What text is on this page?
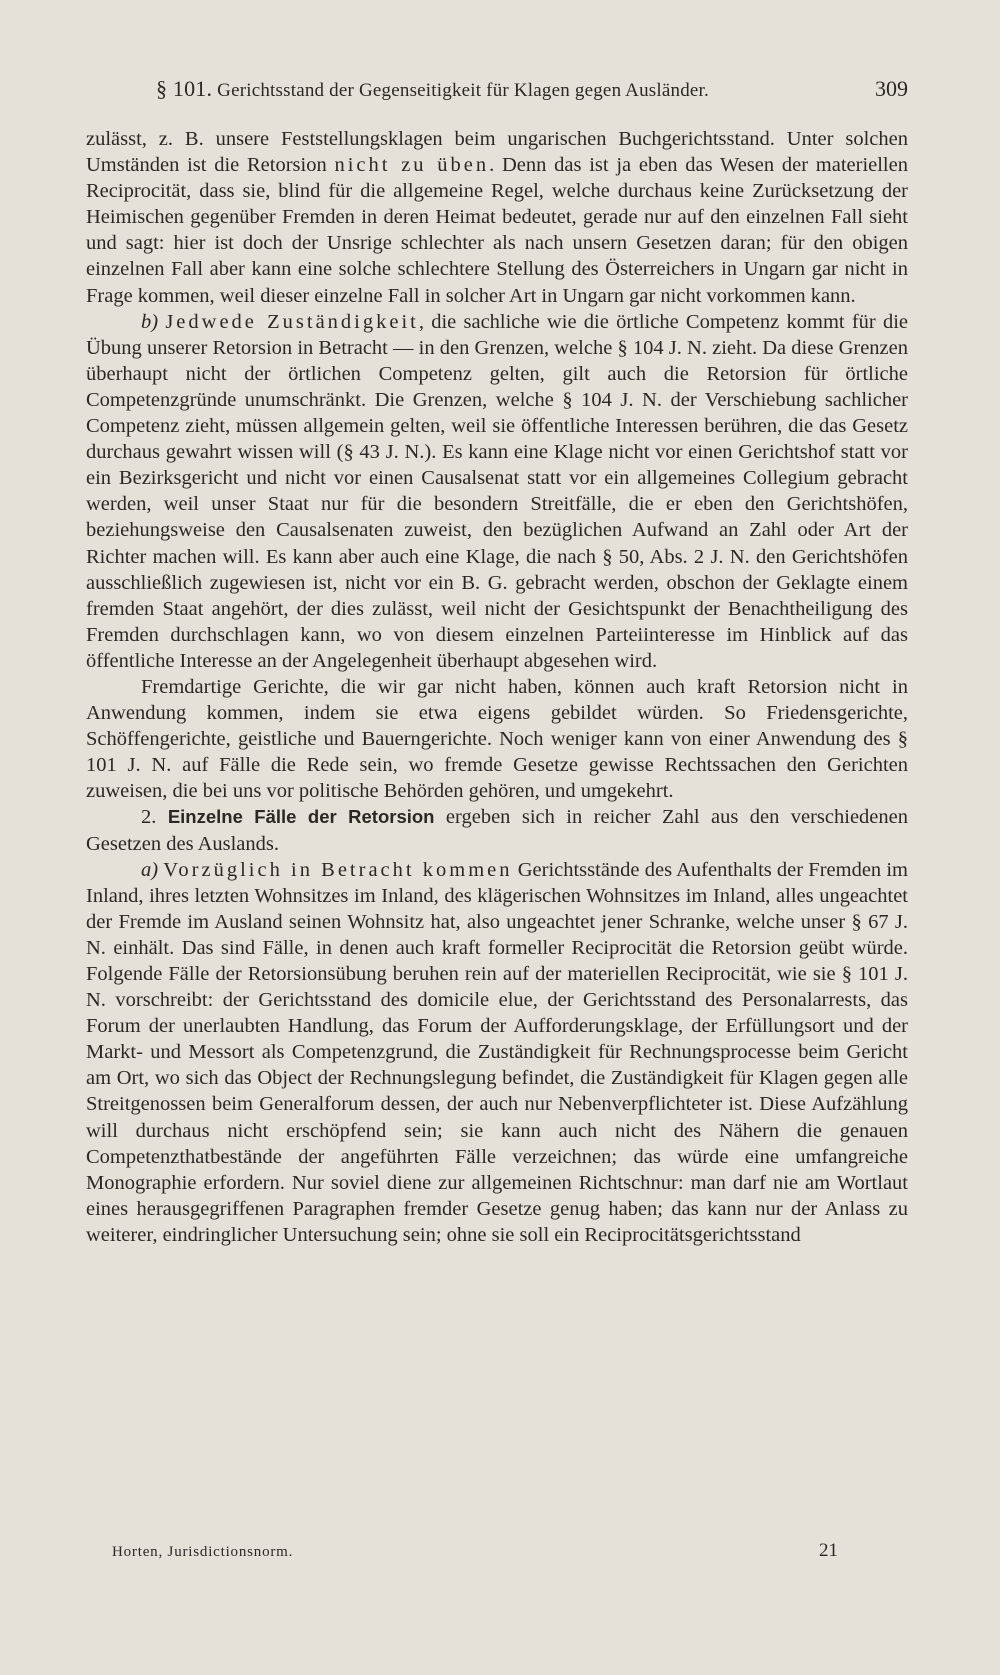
§ 101. Gerichtsstand der Gegenseitigkeit für Klagen gegen Ausländer.	309

zulässt, z. B. unsere Feststellungsklagen beim ungarischen Buchgerichtsstand. Unter solchen Umständen ist die Retorsion nicht zu üben. Denn das ist ja eben das Wesen der materiellen Reciprocität, dass sie, blind für die allgemeine Regel, welche durchaus keine Zurücksetzung der Heimischen gegenüber Fremden in deren Heimat bedeutet, gerade nur auf den einzelnen Fall sieht und sagt: hier ist doch der Unsrige schlechter als nach unsern Gesetzen daran; für den obigen einzelnen Fall aber kann eine solche schlechtere Stellung des Österreichers in Ungarn gar nicht in Frage kommen, weil dieser einzelne Fall in solcher Art in Ungarn gar nicht vorkommen kann.

b) Jedwede Zuständigkeit, die sachliche wie die örtliche Competenz kommt für die Übung unserer Retorsion in Betracht — in den Grenzen, welche § 104 J. N. zieht. Da diese Grenzen überhaupt nicht der örtlichen Competenz gelten, gilt auch die Retorsion für örtliche Competenzgründe unumschränkt. Die Grenzen, welche § 104 J. N. der Verschiebung sachlicher Competenz zieht, müssen allgemein gelten, weil sie öffentliche Interessen berühren, die das Gesetz durchaus gewahrt wissen will (§ 43 J. N.). Es kann eine Klage nicht vor einen Gerichtshof statt vor ein Bezirksgericht und nicht vor einen Causalsenat statt vor ein allgemeines Collegium gebracht werden, weil unser Staat nur für die besondern Streitfälle, die er eben den Gerichtshöfen, beziehungsweise den Causalsenaten zuweist, den bezüglichen Aufwand an Zahl oder Art der Richter machen will. Es kann aber auch eine Klage, die nach § 50, Abs. 2 J. N. den Gerichtshöfen ausschließlich zugewiesen ist, nicht vor ein B. G. gebracht werden, obschon der Geklagte einem fremden Staat angehört, der dies zulässt, weil nicht der Gesichtspunkt der Benachtheiligung des Fremden durchschlagen kann, wo von diesem einzelnen Parteiinteresse im Hinblick auf das öffentliche Interesse an der Angelegenheit überhaupt abgesehen wird.

Fremdartige Gerichte, die wir gar nicht haben, können auch kraft Retorsion nicht in Anwendung kommen, indem sie etwa eigens gebildet würden. So Friedensgerichte, Schöffengerichte, geistliche und Bauerngerichte. Noch weniger kann von einer Anwendung des § 101 J. N. auf Fälle die Rede sein, wo fremde Gesetze gewisse Rechtssachen den Gerichten zuweisen, die bei uns vor politische Behörden gehören, und umgekehrt.

2. Einzelne Fälle der Retorsion ergeben sich in reicher Zahl aus den verschiedenen Gesetzen des Auslands.

a) Vorzüglich in Betracht kommen Gerichtsstände des Aufenthalts der Fremden im Inland, ihres letzten Wohnsitzes im Inland, des klägerischen Wohnsitzes im Inland, alles ungeachtet der Fremde im Ausland seinen Wohnsitz hat, also ungeachtet jener Schranke, welche unser § 67 J. N. einhält. Das sind Fälle, in denen auch kraft formeller Reciprocität die Retorsion geübt würde. Folgende Fälle der Retorsionsübung beruhen rein auf der materiellen Reciprocität, wie sie § 101 J. N. vorschreibt: der Gerichtsstand des domicile elue, der Gerichtsstand des Personalarrests, das Forum der unerlaubten Handlung, das Forum der Aufforderungsklage, der Erfüllungsort und der Markt- und Messort als Competenzgrund, die Zuständigkeit für Rechnungsprocesse beim Gericht am Ort, wo sich das Object der Rechnungslegung befindet, die Zuständigkeit für Klagen gegen alle Streitgenossen beim Generalforum dessen, der auch nur Nebenverpflichteter ist. Diese Aufzählung will durchaus nicht erschöpfend sein; sie kann auch nicht des Nähern die genauen Competenzthatbestände der angeführten Fälle verzeichnen; das würde eine umfangreiche Monographie erfordern. Nur soviel diene zur allgemeinen Richtschnur: man darf nie am Wortlaut eines herausgegriffenen Paragraphen fremder Gesetze genug haben; das kann nur der Anlass zu weiterer, eindringlicher Untersuchung sein; ohne sie soll ein Reciprocitätsgerichtsstand

Horten, Jurisdictionsnorm.	21
